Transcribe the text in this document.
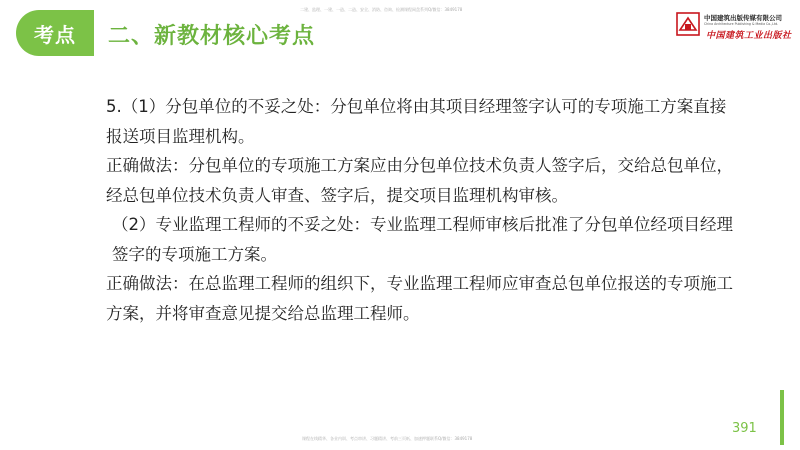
考点	二、新教材核心考点
二建、监理、一建、一造、二造、安全、消防、咨询、检测课程网盘系列Q/微信：3849178
中国建筑出版传媒有限公司
China Architecture Publishing & Media Co.,Ltd.
中国建筑工业出版社

5.（1）分包单位的不妥之处：分包单位将由其项目经理签字认可的专项施工方案直接报送项目监理机构。

正确做法：分包单位的专项施工方案应由分包单位技术负责人签字后，交给总包单位，经总包单位技术负责人审查、签字后，提交项目监理机构审核。

（2）专业监理工程师的不妥之处：专业监理工程师审核后批准了分包单位经项目经理签字的专项施工方案。

正确做法：在总监理工程师的组织下，专业监理工程师应审查总包单位报送的专项施工方案，并将审查意见提交给总监理工程师。

391
课程在线精华、各业内训、考点串讲、习题精讲、考前三页纸、加速押题联系Q/微信：3849178
